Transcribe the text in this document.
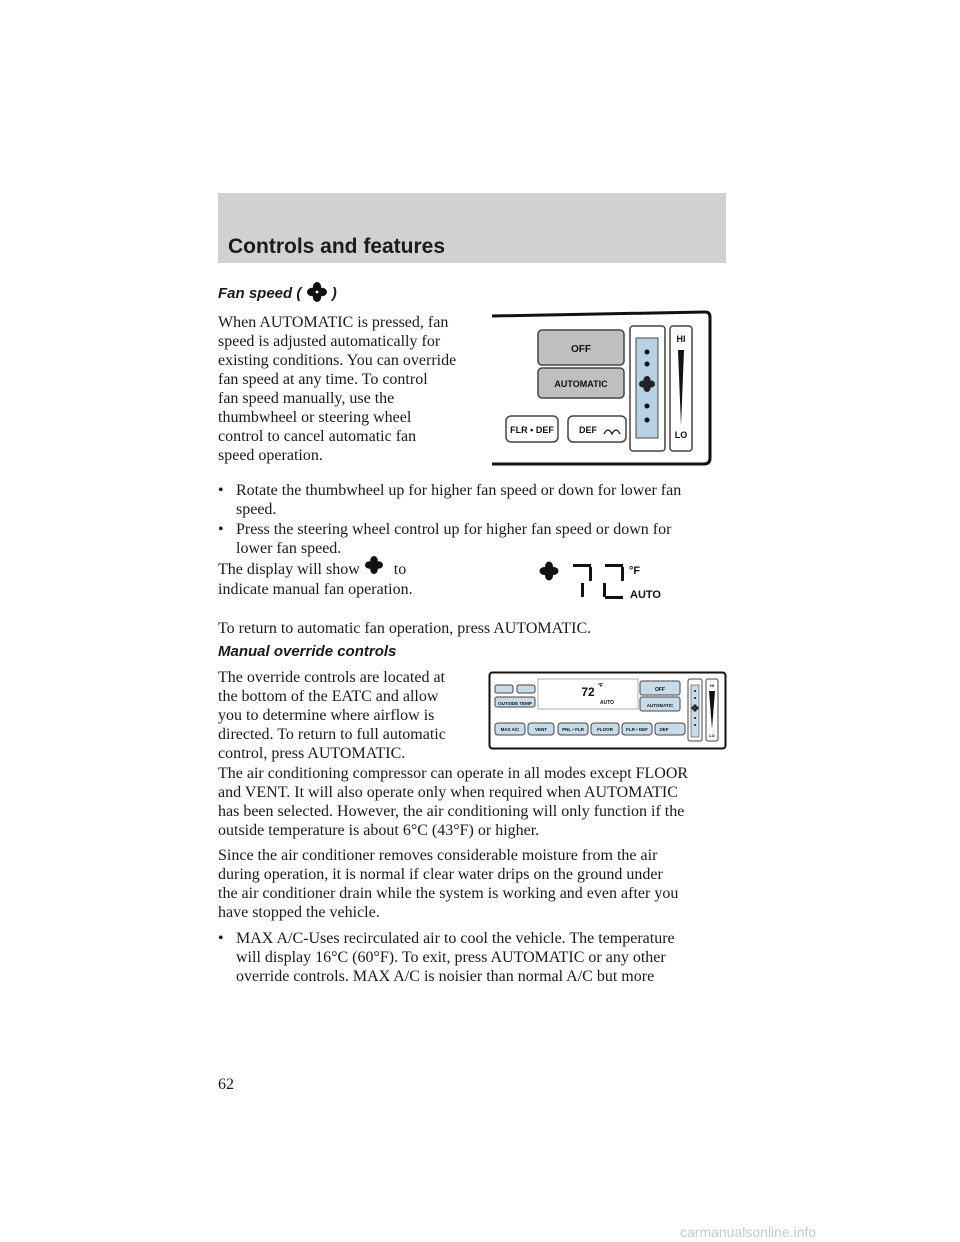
Controls and features
Fan speed ( )
When AUTOMATIC is pressed, fan
speed is adjusted automatically for
existing conditions. You can override
fan speed at any time. To control
fan speed manually, use the
thumbwheel or steering wheel
control to cancel automatic fan
speed operation.
OFF
AUTOMATIC
FLR • DEF	DEF
HI
LO
• Rotate the thumbwheel up for higher fan speed or down for lower fan
speed.
• Press the steering wheel control up for higher fan speed or down for
lower fan speed.
The display will show to
indicate manual fan operation.
°F
AUTO
To return to automatic fan operation, press AUTOMATIC.
Manual override controls
The override controls are located at
the bottom of the EATC and allow
you to determine where airflow is
directed. To return to full automatic
control, press AUTOMATIC.
OUTSIDE TEMP
72 °F
AUTO
OFF
AUTOMATIC
MAX A/C	VENT	PNL • FLR	FLOOR	FLR • DEF	DEF
HI
LO
The air conditioning compressor can operate in all modes except FLOOR
and VENT. It will also operate only when required when AUTOMATIC
has been selected. However, the air conditioning will only function if the
outside temperature is about 6°C (43°F) or higher.
Since the air conditioner removes considerable moisture from the air
during operation, it is normal if clear water drips on the ground under
the air conditioner drain while the system is working and even after you
have stopped the vehicle.
• MAX A/C-Uses recirculated air to cool the vehicle. The temperature
will display 16°C (60°F). To exit, press AUTOMATIC or any other
override controls. MAX A/C is noisier than normal A/C but more
62
carmanualsonline.info
